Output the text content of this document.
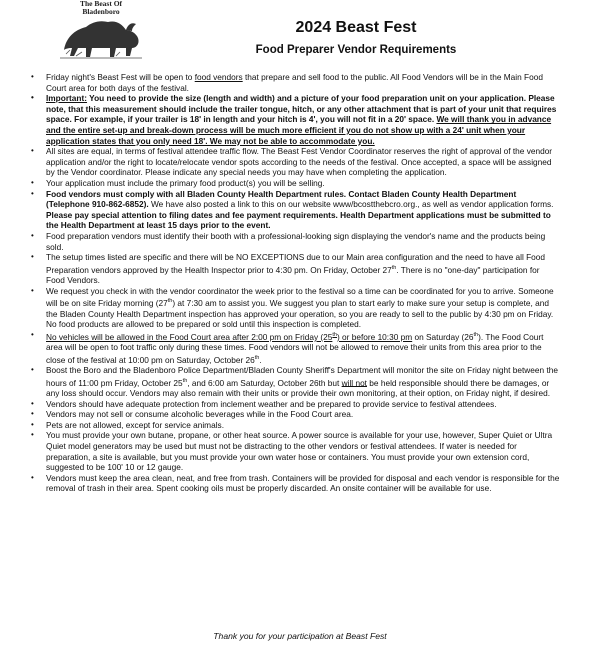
The Beast Of
Bladenboro
2024 Beast Fest
Food Preparer Vendor Requirements
• Friday night's Beast Fest will be open to food vendors that prepare and sell food to the public. All Food Vendors will be in the Main Food Court area for both days of the festival.
• Important: You need to provide the size (length and width) and a picture of your food preparation unit on your application. Please note, that this measurement should include the trailer tongue, hitch, or any other attachment that is part of your unit that requires space. For example, if your trailer is 18' in length and your hitch is 4', you will not fit in a 20' space. We will thank you in advance and the entire set-up and break-down process will be much more efficient if you do not show up with a 24' unit when your application states that you only need 18'. We may not be able to accommodate you.
• All sites are equal, in terms of festival attendee traffic flow. The Beast Fest Vendor Coordinator reserves the right of approval of the vendor application and/or the right to locate/relocate vendor spots according to the needs of the festival. Once accepted, a space will be assigned by the Vendor coordinator. Please indicate any special needs you may have when completing the application.
• Your application must include the primary food product(s) you will be selling.
• Food vendors must comply with all Bladen County Health Department rules. Contact Bladen County Health Department (Telephone 910-862-6852). We have also posted a link to this on our website www/bcostthebcro.org., as well as vendor application forms. Please pay special attention to filing dates and fee payment requirements. Health Department applications must be submitted to the Health Department at least 15 days prior to the event.
• Food preparation vendors must identify their booth with a professional-looking sign displaying the vendor's name and the products being sold.
• The setup times listed are specific and there will be NO EXCEPTIONS due to our Main area configuration and the need to have all Food Preparation vendors approved by the Health Inspector prior to 4:30 pm. On Friday, October 27th. There is no "one-day" participation for Food Vendors.
• We request you check in with the vendor coordinator the week prior to the festival so a time can be coordinated for you to arrive. Someone will be on site Friday morning (27th) at 7:30 am to assist you. We suggest you plan to start early to make sure your setup is complete, and the Bladen County Health Department inspection has approved your operation, so you are ready to sell to the public by 4:30 pm on Friday. No food products are allowed to be prepared or sold until this inspection is completed.
• No vehicles will be allowed in the Food Court area after 2:00 pm on Friday (25th) or before 10:30 pm on Saturday (26th). The Food Court area will be open to foot traffic only during these times. Food vendors will not be allowed to remove their units from this area prior to the close of the festival at 10:00 pm on Saturday, October 26th.
• Boost the Boro and the Bladenboro Police Department/Bladen County Sheriff's Department will monitor the site on Friday night between the hours of 11:00 pm Friday, October 25th, and 6:00 am Saturday, October 26th but will not be held responsible should there be damages, or any loss should occur. Vendors may also remain with their units or provide their own monitoring, at their option, on Friday night, if desired.
• Vendors should have adequate protection from inclement weather and be prepared to provide service to festival attendees.
• Vendors may not sell or consume alcoholic beverages while in the Food Court area.
• Pets are not allowed, except for service animals.
• You must provide your own butane, propane, or other heat source. A power source is available for your use, however, Super Quiet or Ultra Quiet model generators may be used but must not be distracting to the other vendors or festival attendees. If water is needed for preparation, a site is available, but you must provide your own water hose or containers. You must provide your own extension cord, suggested to be 100' 10 or 12 gauge.
• Vendors must keep the area clean, neat, and free from trash. Containers will be provided for disposal and each vendor is responsible for the removal of trash in their area. Spent cooking oils must be properly discarded. An onsite container will be available for use.
Thank you for your participation at Beast Fest
